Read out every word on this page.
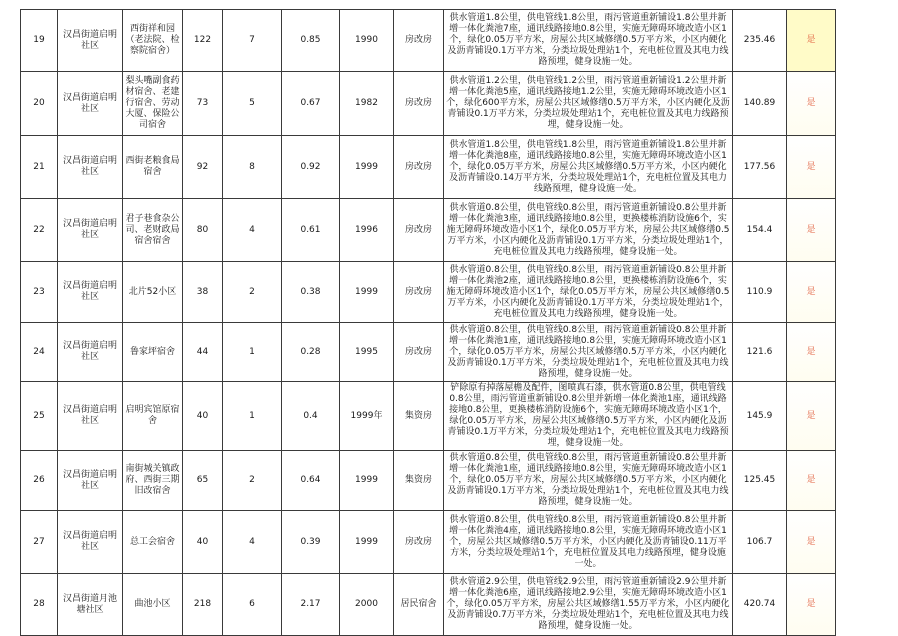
19	汉昌街道启明社区	西街祥和园（老法院、检察院宿舍）	122	7	0.85	1990	房改房	供水管道1.8公里，供电管线1.8公里，雨污管道重新铺设1.8公里并新增一体化粪池7座，通讯线路接地0.8公里，实施无障碍环境改造小区1个，绿化0.05万平方米，房屋公共区域修缮0.5万平方米，小区内硬化及沥青铺设0.1万平方米，分类垃圾处理站1个，充电桩位置及其电力线路预埋，健身设施一处。	235.46	是
20	汉昌街道启明社区	梨头嘴副食药材宿舍、老建行宿舍、劳动大厦、保险公司宿舍	73	5	0.67	1982	房改房	供水管道1.2公里，供电管线1.2公里，雨污管道重新铺设1.2公里并新增一体化粪池5座，通讯线路接地1.2公里，实施无障碍环境改造小区1个，绿化600平方米，房屋公共区域修缮0.5万平方米，小区内硬化及沥青铺设0.1万平方米，分类垃圾处理站1个，充电桩位置及其电力线路预埋，健身设施一处。	140.89	是
21	汉昌街道启明社区	西街老粮食局宿舍	92	8	0.92	1999	房改房	供水管道1.8公里，供电管线1.8公里，雨污管道重新铺设1.8公里并新增一体化粪池8座，通讯线路接地0.8公里，实施无障碍环境改造小区1个，绿化0.05万平方米，房屋公共区域修缮0.5万平方米，小区内硬化及沥青铺设0.14万平方米，分类垃圾处理站1个，充电桩位置及其电力线路预埋，健身设施一处。	177.56	是
22	汉昌街道启明社区	君子巷食杂公司、老财政局宿舍宿舍	80	4	0.61	1996	房改房	供水管道0.8公里，供电管线0.8公里，雨污管道重新铺设0.8公里并新增一体化粪池3座，通讯线路接地0.8公里，更换楼栋消防设施6个，实施无障碍环境改造小区1个，绿化0.05万平方米，房屋公共区域修缮0.5万平方米，小区内硬化及沥青铺设0.1万平方米，分类垃圾处理站1个，充电桩位置及其电力线路预埋，健身设施一处。	154.4	是
23	汉昌街道启明社区	北片52小区	38	2	0.38	1999	房改房	供水管道0.8公里，供电管线0.8公里，雨污管道重新铺设0.8公里并新增一体化粪池2座，通讯线路接地0.8公里，更换楼栋消防设施6个，实施无障碍环境改造小区1个，绿化0.05万平方米，房屋公共区域修缮0.5万平方米，小区内硬化及沥青铺设0.1万平方米，分类垃圾处理站1个，充电桩位置及其电力线路预埋，健身设施一处。	110.9	是
24	汉昌街道启明社区	鲁家坪宿舍	44	1	0.28	1995	房改房	供水管道0.8公里，供电管线0.8公里，雨污管道重新铺设0.8公里并新增一体化粪池1座，通讯线路接地0.8公里，实施无障碍环境改造小区1个，绿化0.05万平方米，房屋公共区域修缮0.5万平方米，小区内硬化及沥青铺设0.1万平方米，分类垃圾处理站1个，充电桩位置及其电力线路预埋，健身设施一处。	121.6	是
25	汉昌街道启明社区	启明宾馆原宿舍	40	1	0.4	1999年	集资房	铲除原有掉落屋檐及配件，图喷真石漆，供水管道0.8公里，供电管线0.8公里，雨污管道重新铺设0.8公里并新增一体化粪池1座，通讯线路接地0.8公里，更换楼栋消防设施6个，实施无障碍环境改造小区1个，绿化0.05万平方米，房屋公共区域修缮0.5万平方米，小区内硬化及沥青铺设0.1万平方米，分类垃圾处理站1个，充电桩位置及其电力线路预埋，健身设施一处。	145.9	是
26	汉昌街道启明社区	南街城关镇政府、西街三期旧改宿舍	65	2	0.64	1999	集资房	供水管道0.8公里，供电管线0.8公里，雨污管道重新铺设0.8公里并新增一体化粪池1座，通讯线路接地0.8公里，实施无障碍环境改造小区1个，绿化0.05万平方米，房屋公共区域修缮0.5万平方米，小区内硬化及沥青铺设0.1万平方米，分类垃圾处理站1个，充电桩位置及其电力线路预埋，健身设施一处。	125.45	是
27	汉昌街道启明社区	总工会宿舍	40	4	0.39	1999	房改房	供水管道0.8公里，供电管线0.8公里，雨污管道重新铺设0.8公里并新增一体化粪池4座，通讯线路接地0.8公里，实施无障碍环境改造小区1个，房屋公共区域修缮0.5万平方米，小区内硬化及沥青铺设0.11万平方米，分类垃圾处理站1个，充电桩位置及其电力线路预埋，健身设施一处。	106.7	是
28	汉昌街道月池塘社区	曲池小区	218	6	2.17	2000	居民宿舍	供水管道2.9公里，供电管线2.9公里，雨污管道重新铺设2.9公里并新增一体化粪池6座，通讯线路接地2.9公里，实施无障碍环境改造小区1个，绿化0.05万平方米，房屋公共区域修缮1.55万平方米，小区内硬化及沥青铺设0.7万平方米，分类垃圾处理站1个，充电桩位置及其电力线路预埋，健身设施一处。	420.74	是
